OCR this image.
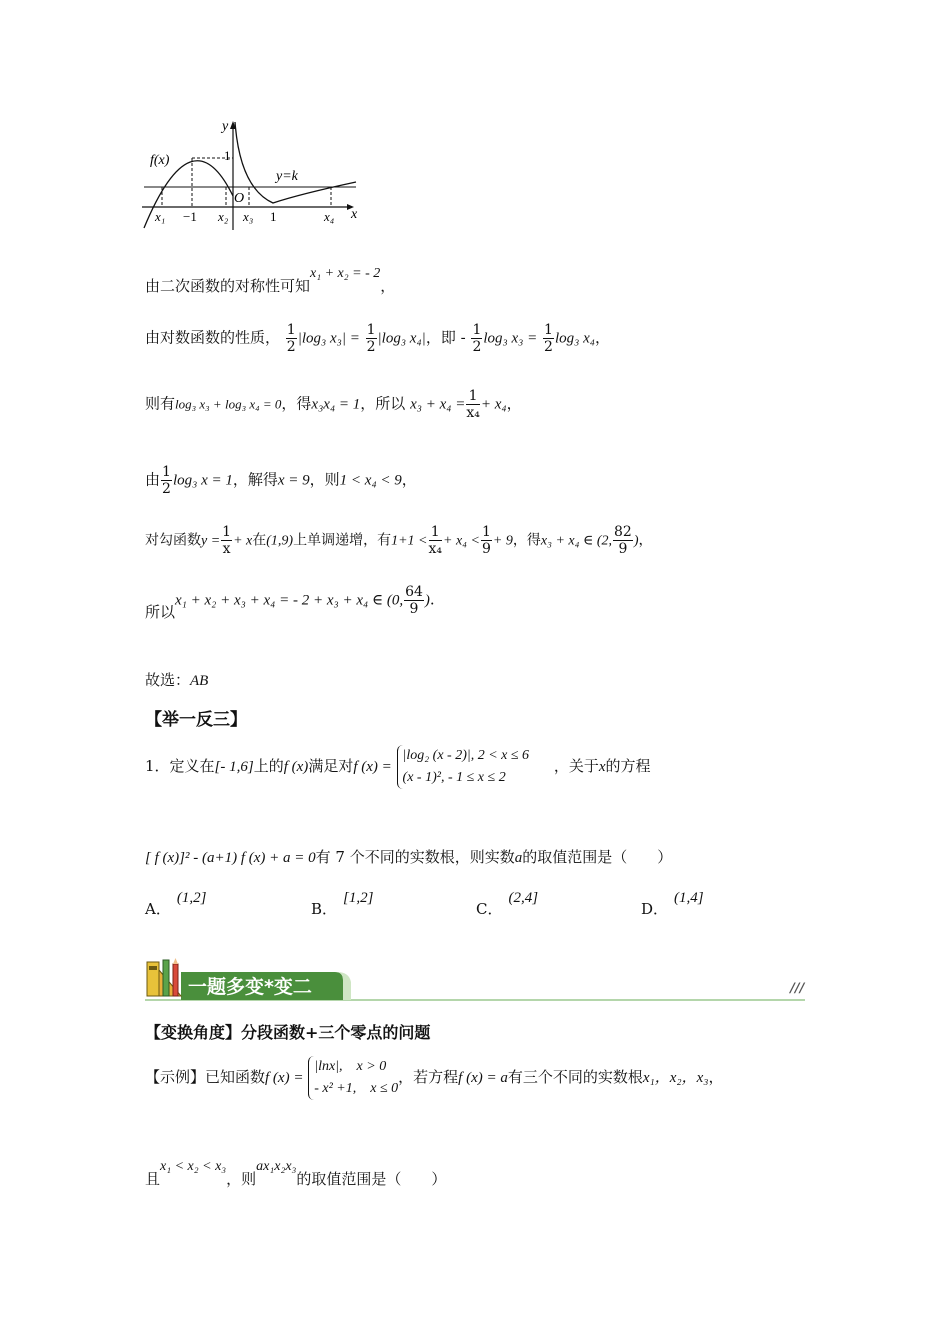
f(x)
y
x
1
y=k
O
x₁ −1 x₂ x₃ 1	x₄
由二次函数的对称性可知x₁ + x₂ = - 2，
由对数函数的性质， $\frac{1}{2} |\log_3$ $x_3| = \frac{1}{2} |\log_3$ x₄|，即 - $\frac{1}{2} \log_3$ $x_3 = \frac{1}{2} \log_3$ x₄，
则有log₃ x₃ + log₃ x₄ = 0，得x₃x₄ = 1，所以 $x_3 + x_4 = \frac{1}{\text{x₄}} + x_4$，
由 $\frac{1}{2} \log_3$ x = 1，解得x = 9，则1 < x₄ < 9，
对勾函数$y = \frac{1}{x} + x$在(1,9)上单调递增，有$1+1 < \frac{1}{\text{x₄}} + x_4 < \frac{1}{9} + 9$，得x₃ + x₄ ∈ (2, $\frac{82}{9}$ )，
所以x₁ + x₂ + x₃ + x₄ = - 2 + x₃ + x₄ ∈ (0, $\frac{64}{9}$ ).
故选：AB
【举一反三】
1．定义在[- 1,6]上的f (x)满足对f (x) =
|log₂ (x - 2)|, 2 < x ≤ 6
(x - 1)², - 1 ≤ x ≤ 2
，关于x的方程
[ f (x)]² - (a+1) f (x) + a = 0有 7 个不同的实数根，则实数a的取值范围是（　　）
A．(1,2]
B．[1,2]
C．(2,4]
D．(1,4]
一题多变*变二	///
【变换角度】分段函数+三个零点的问题
【示例】已知函数f (x) =
|lnx|,　x > 0
- x² +1,　x ≤ 0
，若方程f (x) = a有三个不同的实数根x₁，x₂，x₃，
且x₁ < x₂ < x₃，则ax₁x₂x₃的取值范围是（　　）
